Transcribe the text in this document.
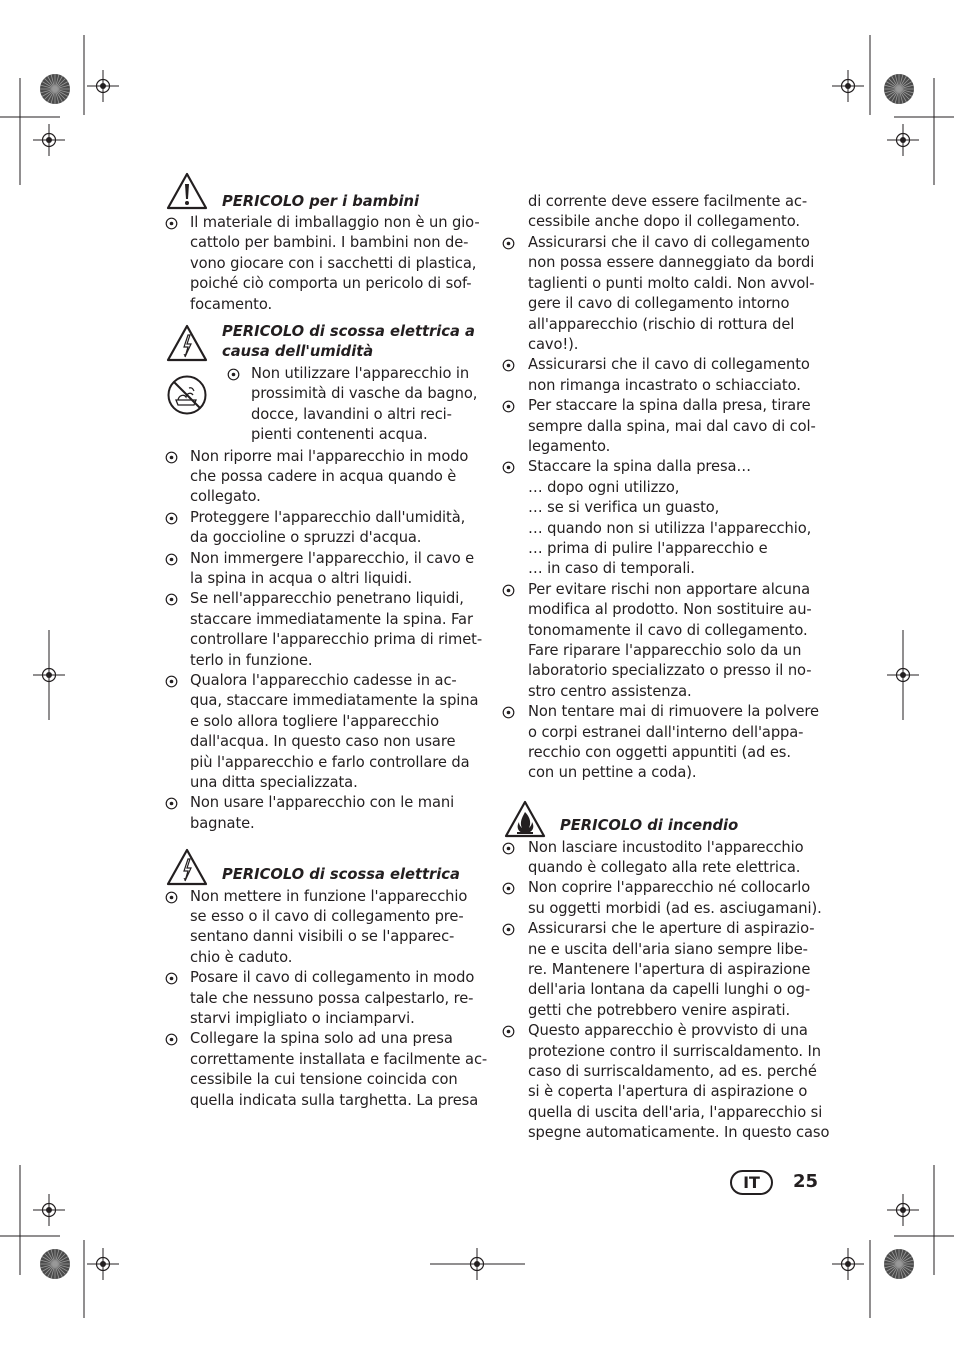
PERICOLO per i bambini
Il materiale di imballaggio non è un gio-
cattolo per bambini. I bambini non de-
vono giocare con i sacchetti di plastica,
poiché ciò comporta un pericolo di sof-
focamento.
PERICOLO di scossa elettrica a
causa dell'umidità
Non utilizzare l'apparecchio in
prossimità di vasche da bagno,
docce, lavandini o altri reci-
pienti contenenti acqua.
Non riporre mai l'apparecchio in modo
che possa cadere in acqua quando è
collegato.
Proteggere l'apparecchio dall'umidità,
da goccioline o spruzzi d'acqua.
Non immergere l'apparecchio, il cavo e
la spina in acqua o altri liquidi.
Se nell'apparecchio penetrano liquidi,
staccare immediatamente la spina. Far
controllare l'apparecchio prima di rimet-
terlo in funzione.
Qualora l'apparecchio cadesse in ac-
qua, staccare immediatamente la spina
e solo allora togliere l'apparecchio
dall'acqua. In questo caso non usare
più l'apparecchio e farlo controllare da
una ditta specializzata.
Non usare l'apparecchio con le mani
bagnate.
PERICOLO di scossa elettrica
Non mettere in funzione l'apparecchio
se esso o il cavo di collegamento pre-
sentano danni visibili o se l'apparec-
chio è caduto.
Posare il cavo di collegamento in modo
tale che nessuno possa calpestarlo, re-
starvi impigliato o inciamparvi.
Collegare la spina solo ad una presa
correttamente installata e facilmente ac-
cessibile la cui tensione coincida con
quella indicata sulla targhetta. La presa
di corrente deve essere facilmente ac-
cessibile anche dopo il collegamento.
Assicurarsi che il cavo di collegamento
non possa essere danneggiato da bordi
taglienti o punti molto caldi. Non avvol-
gere il cavo di collegamento intorno
all'apparecchio (rischio di rottura del
cavo!).
Assicurarsi che il cavo di collegamento
non rimanga incastrato o schiacciato.
Per staccare la spina dalla presa, tirare
sempre dalla spina, mai dal cavo di col-
legamento.
Staccare la spina dalla presa…
… dopo ogni utilizzo,
… se si verifica un guasto,
… quando non si utilizza l'apparecchio,
… prima di pulire l'apparecchio e
… in caso di temporali.
Per evitare rischi non apportare alcuna
modifica al prodotto. Non sostituire au-
tonomamente il cavo di collegamento.
Fare riparare l'apparecchio solo da un
laboratorio specializzato o presso il no-
stro centro assistenza.
Non tentare mai di rimuovere la polvere
o corpi estranei dall'interno dell'appa-
recchio con oggetti appuntiti (ad es.
con un pettine a coda).
PERICOLO di incendio
Non lasciare incustodito l'apparecchio
quando è collegato alla rete elettrica.
Non coprire l'apparecchio né collocarlo
su oggetti morbidi (ad es. asciugamani).
Assicurarsi che le aperture di aspirazio-
ne e uscita dell'aria siano sempre libe-
re. Mantenere l'apertura di aspirazione
dell'aria lontana da capelli lunghi o og-
getti che potrebbero venire aspirati.
Questo apparecchio è provvisto di una
protezione contro il surriscaldamento. In
caso di surriscaldamento, ad es. perché
si è coperta l'apertura di aspirazione o
quella di uscita dell'aria, l'apparecchio si
spegne automaticamente. In questo caso
IT	25
